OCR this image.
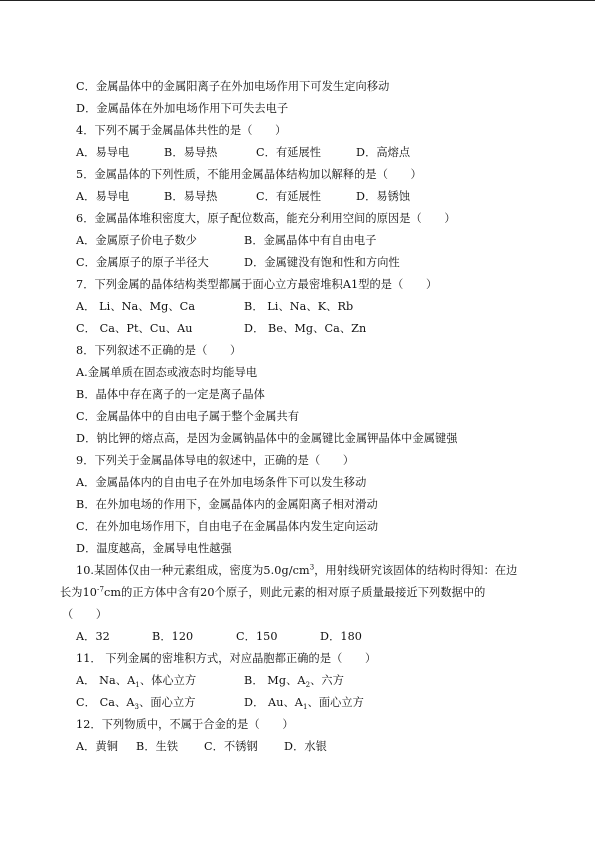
C．金属晶体中的金属阳离子在外加电场作用下可发生定向移动
D．金属晶体在外加电场作用下可失去电子
4．下列不属于金属晶体共性的是（　　）
A．易导电	B．易导热	C．有延展性	D．高熔点
5．金属晶体的下列性质，不能用金属晶体结构加以解释的是（　　）
A．易导电	B．易导热	C．有延展性	D．易锈蚀
6．金属晶体堆积密度大，原子配位数高，能充分利用空间的原因是（　　）
A．金属原子价电子数少	B．金属晶体中有自由电子
C．金属原子的原子半径大	D．金属键没有饱和性和方向性
7．下列金属的晶体结构类型都属于面心立方最密堆积A1型的是（　　）
A． Li、Na、Mg、Ca	B． Li、Na、K、Rb
C． Ca、Pt、Cu、Au	D． Be、Mg、Ca、Zn
8．下列叙述不正确的是（　　）
A.金属单质在固态或液态时均能导电
B．晶体中存在离子的一定是离子晶体
C．金属晶体中的自由电子属于整个金属共有
D．钠比钾的熔点高，是因为金属钠晶体中的金属键比金属钾晶体中金属键强
9．下列关于金属晶体导电的叙述中，正确的是（　　）
A．金属晶体内的自由电子在外加电场条件下可以发生移动
B．在外加电场的作用下，金属晶体内的金属阳离子相对滑动
C．在外加电场作用下，自由电子在金属晶体内发生定向运动
D．温度越高，金属导电性越强
10.某固体仅由一种元素组成，密度为$5.0g/cm^3$，用射线研究该固体的结构时得知：在边
长为$10^{-7}cm$的正方体中含有20个原子，则此元素的相对原子质量最接近下列数据中的
（　　）
A．32	B．120	C．150	D．180
11． 下列金属的密堆积方式，对应晶胞都正确的是（　　）
A． Na、$A_1$、体心立方	B． Mg、$A_2$、六方
C． Ca、$A_3$、面心立方	D． Au、$A_1$、面心立方
12．下列物质中，不属于合金的是（　　）
A．黄铜 B．生铁 C．不锈钢 D．水银
